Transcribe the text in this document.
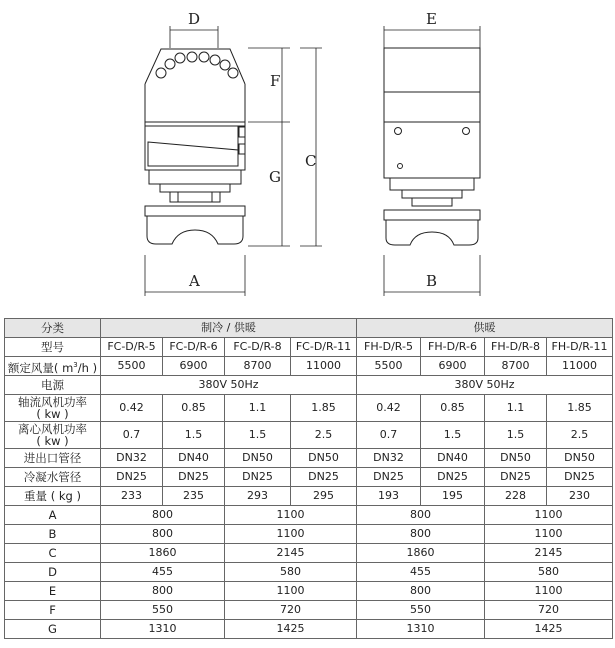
D	E
F
G
C
A	B
分类	制冷 / 供暖				供暖			
型号	FC-D/R-5	FC-D/R-6	FC-D/R-8	FC-D/R-11	FH-D/R-5	FH-D/R-6	FH-D/R-8	FH-D/R-11
额定风量( $m^3/h$ )	5500	6900	8700	11000	5500	6900	8700	11000
电源	380V 50Hz				380V 50Hz			

轴流风机功率
( kw )	0.42	0.85	1.1	1.85	0.42	0.85	1.1	1.85

离心风机功率
( kw )	0.7	1.5	1.5	2.5	0.7	1.5	1.5	2.5
进出口管径	DN32	DN40	DN50	DN50	DN32	DN40	DN50	DN50
冷凝水管径	DN25	DN25	DN25	DN25	DN25	DN25	DN25	DN25
重量 ( kg )	233	235	293	295	193	195	228	230
A	800		1100		800		1100	
B	800		1100		800		1100	
C	1860		2145		1860		2145	
D	455		580		455		580	
E	800		1100		800		1100	
F	550		720		550		720	
G	1310		1425		1310		1425	
